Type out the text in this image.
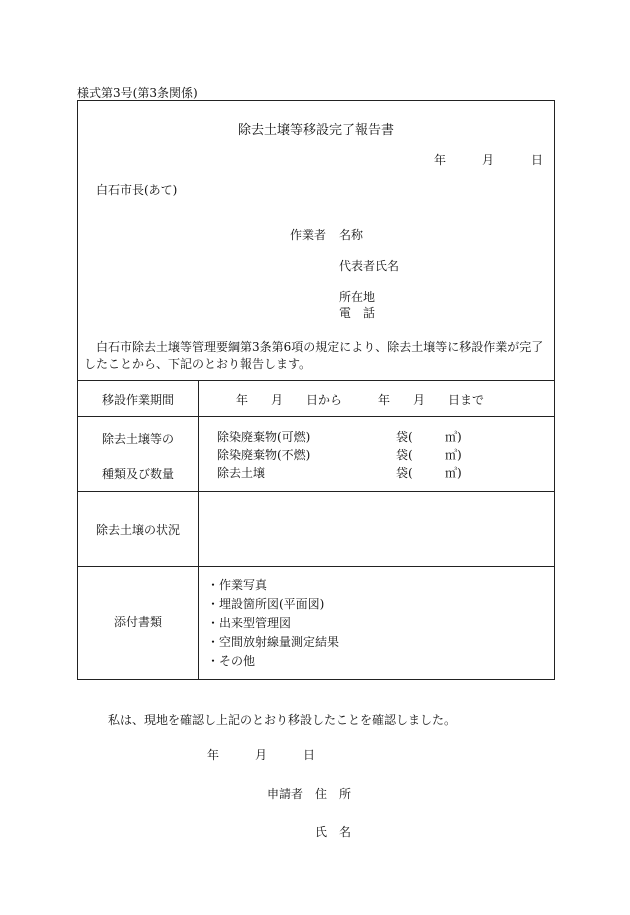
様式第3号(第3条関係)
除去土壌等移設完了報告書
年	月	日
白石市長(あて)
作業者 名称
代表者氏名
所在地
電　話
白石市除去土壌等管理要綱第3条第6項の規定により、除去土壌等に移設作業が完了したことから、下記のとおり報告します。
移設作業期間	年 月 日から	年 月 日まで
除去土壌等の
種類及び数量
除染廃棄物(可燃)	袋(	㎥)
除染廃棄物(不燃)	袋(	㎥)
除去土壌	袋(	㎥)
除去土壌の状況
添付書類
・作業写真
・埋設箇所図(平面図)
・出来型管理図
・空間放射線量測定結果
・その他
私は、現地を確認し上記のとおり移設したことを確認しました。
年	月	日
申請者 住　所
氏　名
